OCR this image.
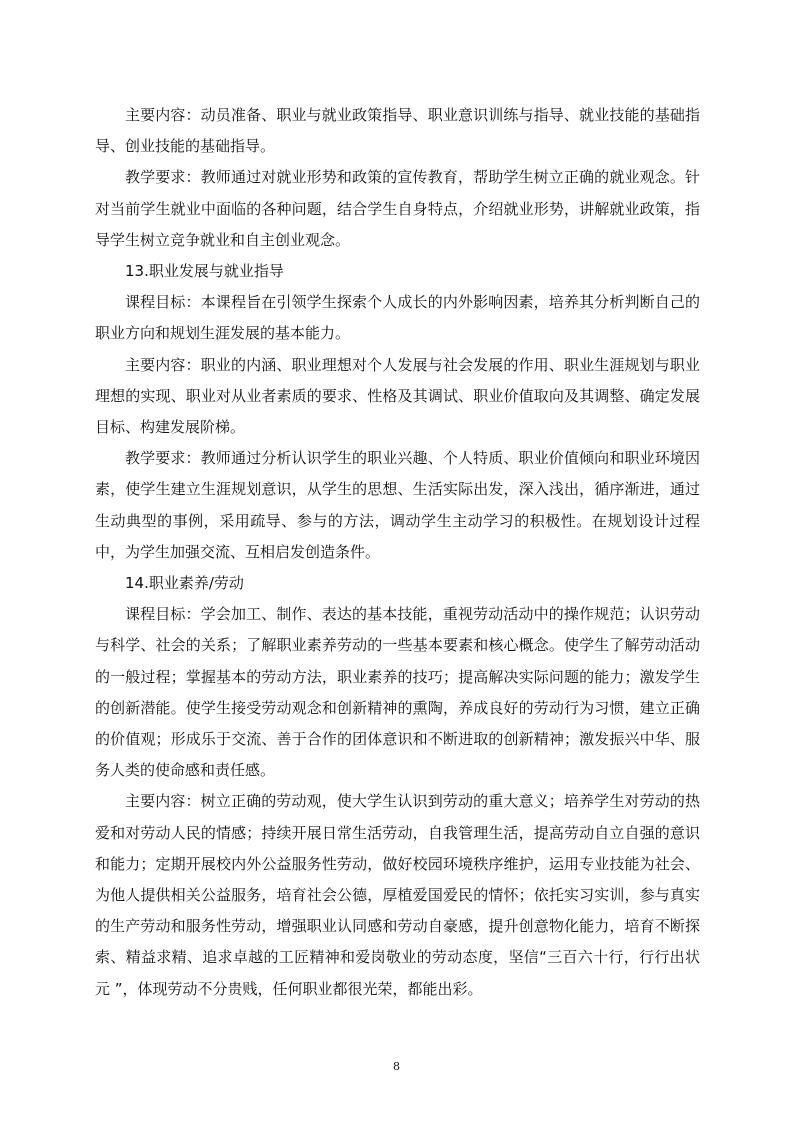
主要内容：动员准备、职业与就业政策指导、职业意识训练与指导、就业技能的基础指导、创业技能的基础指导。

教学要求：教师通过对就业形势和政策的宣传教育，帮助学生树立正确的就业观念。针对当前学生就业中面临的各种问题，结合学生自身特点，介绍就业形势，讲解就业政策，指导学生树立竞争就业和自主创业观念。

13.职业发展与就业指导

课程目标：本课程旨在引领学生探索个人成长的内外影响因素，培养其分析判断自己的职业方向和规划生涯发展的基本能力。

主要内容：职业的内涵、职业理想对个人发展与社会发展的作用、职业生涯规划与职业理想的实现、职业对从业者素质的要求、性格及其调试、职业价值取向及其调整、确定发展目标、构建发展阶梯。

教学要求：教师通过分析认识学生的职业兴趣、个人特质、职业价值倾向和职业环境因素，使学生建立生涯规划意识，从学生的思想、生活实际出发，深入浅出，循序渐进，通过生动典型的事例，采用疏导、参与的方法，调动学生主动学习的积极性。在规划设计过程中，为学生加强交流、互相启发创造条件。

14.职业素养/劳动

课程目标：学会加工、制作、表达的基本技能，重视劳动活动中的操作规范；认识劳动与科学、社会的关系；了解职业素养劳动的一些基本要素和核心概念。使学生了解劳动活动的一般过程；掌握基本的劳动方法，职业素养的技巧；提高解决实际问题的能力；激发学生的创新潜能。使学生接受劳动观念和创新精神的熏陶，养成良好的劳动行为习惯，建立正确的价值观；形成乐于交流、善于合作的团体意识和不断进取的创新精神；激发振兴中华、服务人类的使命感和责任感。

主要内容：树立正确的劳动观，使大学生认识到劳动的重大意义；培养学生对劳动的热爱和对劳动人民的情感；持续开展日常生活劳动，自我管理生活，提高劳动自立自强的意识和能力；定期开展校内外公益服务性劳动，做好校园环境秩序维护，运用专业技能为社会、为他人提供相关公益服务，培育社会公德，厚植爱国爱民的情怀；依托实习实训，参与真实的生产劳动和服务性劳动，增强职业认同感和劳动自豪感，提升创意物化能力，培育不断探索、精益求精、追求卓越的工匠精神和爱岗敬业的劳动态度，坚信“三百六十行，行行出状元 ”，体现劳动不分贵贱，任何职业都很光荣，都能出彩。

8
